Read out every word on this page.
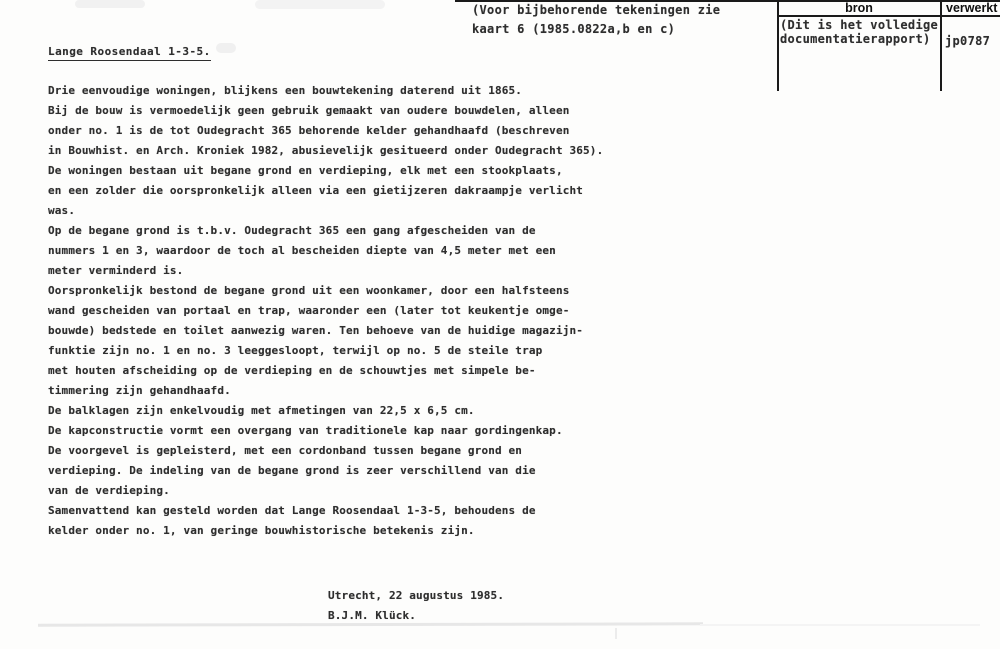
(Voor bijbehorende tekeningen zie
kaart 6 (1985.0822a,b en c)
bron	verwerkt
(Dit is het volledige
documentatierapport) jp0787
Lange Roosendaal 1-3-5.
Drie eenvoudige woningen, blijkens een bouwtekening daterend uit 1865.
Bij de bouw is vermoedelijk geen gebruik gemaakt van oudere bouwdelen, alleen
onder no. 1 is de tot Oudegracht 365 behorende kelder gehandhaafd (beschreven
in Bouwhist. en Arch. Kroniek 1982, abusievelijk gesitueerd onder Oudegracht 365).
De woningen bestaan uit begane grond en verdieping, elk met een stookplaats,
en een zolder die oorspronkelijk alleen via een gietijzeren dakraampje verlicht
was.
Op de begane grond is t.b.v. Oudegracht 365 een gang afgescheiden van de
nummers 1 en 3, waardoor de toch al bescheiden diepte van 4,5 meter met een
meter verminderd is.
Oorspronkelijk bestond de begane grond uit een woonkamer, door een halfsteens
wand gescheiden van portaal en trap, waaronder een (later tot keukentje omge-
bouwde) bedstede en toilet aanwezig waren. Ten behoeve van de huidige magazijn-
funktie zijn no. 1 en no. 3 leeggesloopt, terwijl op no. 5 de steile trap
met houten afscheiding op de verdieping en de schouwtjes met simpele be-
timmering zijn gehandhaafd.
De balklagen zijn enkelvoudig met afmetingen van 22,5 x 6,5 cm.
De kapconstructie vormt een overgang van traditionele kap naar gordingenkap.
De voorgevel is gepleisterd, met een cordonband tussen begane grond en
verdieping. De indeling van de begane grond is zeer verschillend van die
van de verdieping.
Samenvattend kan gesteld worden dat Lange Roosendaal 1-3-5, behoudens de
kelder onder no. 1, van geringe bouwhistorische betekenis zijn.
Utrecht, 22 augustus 1985.
B.J.M. Klück.
